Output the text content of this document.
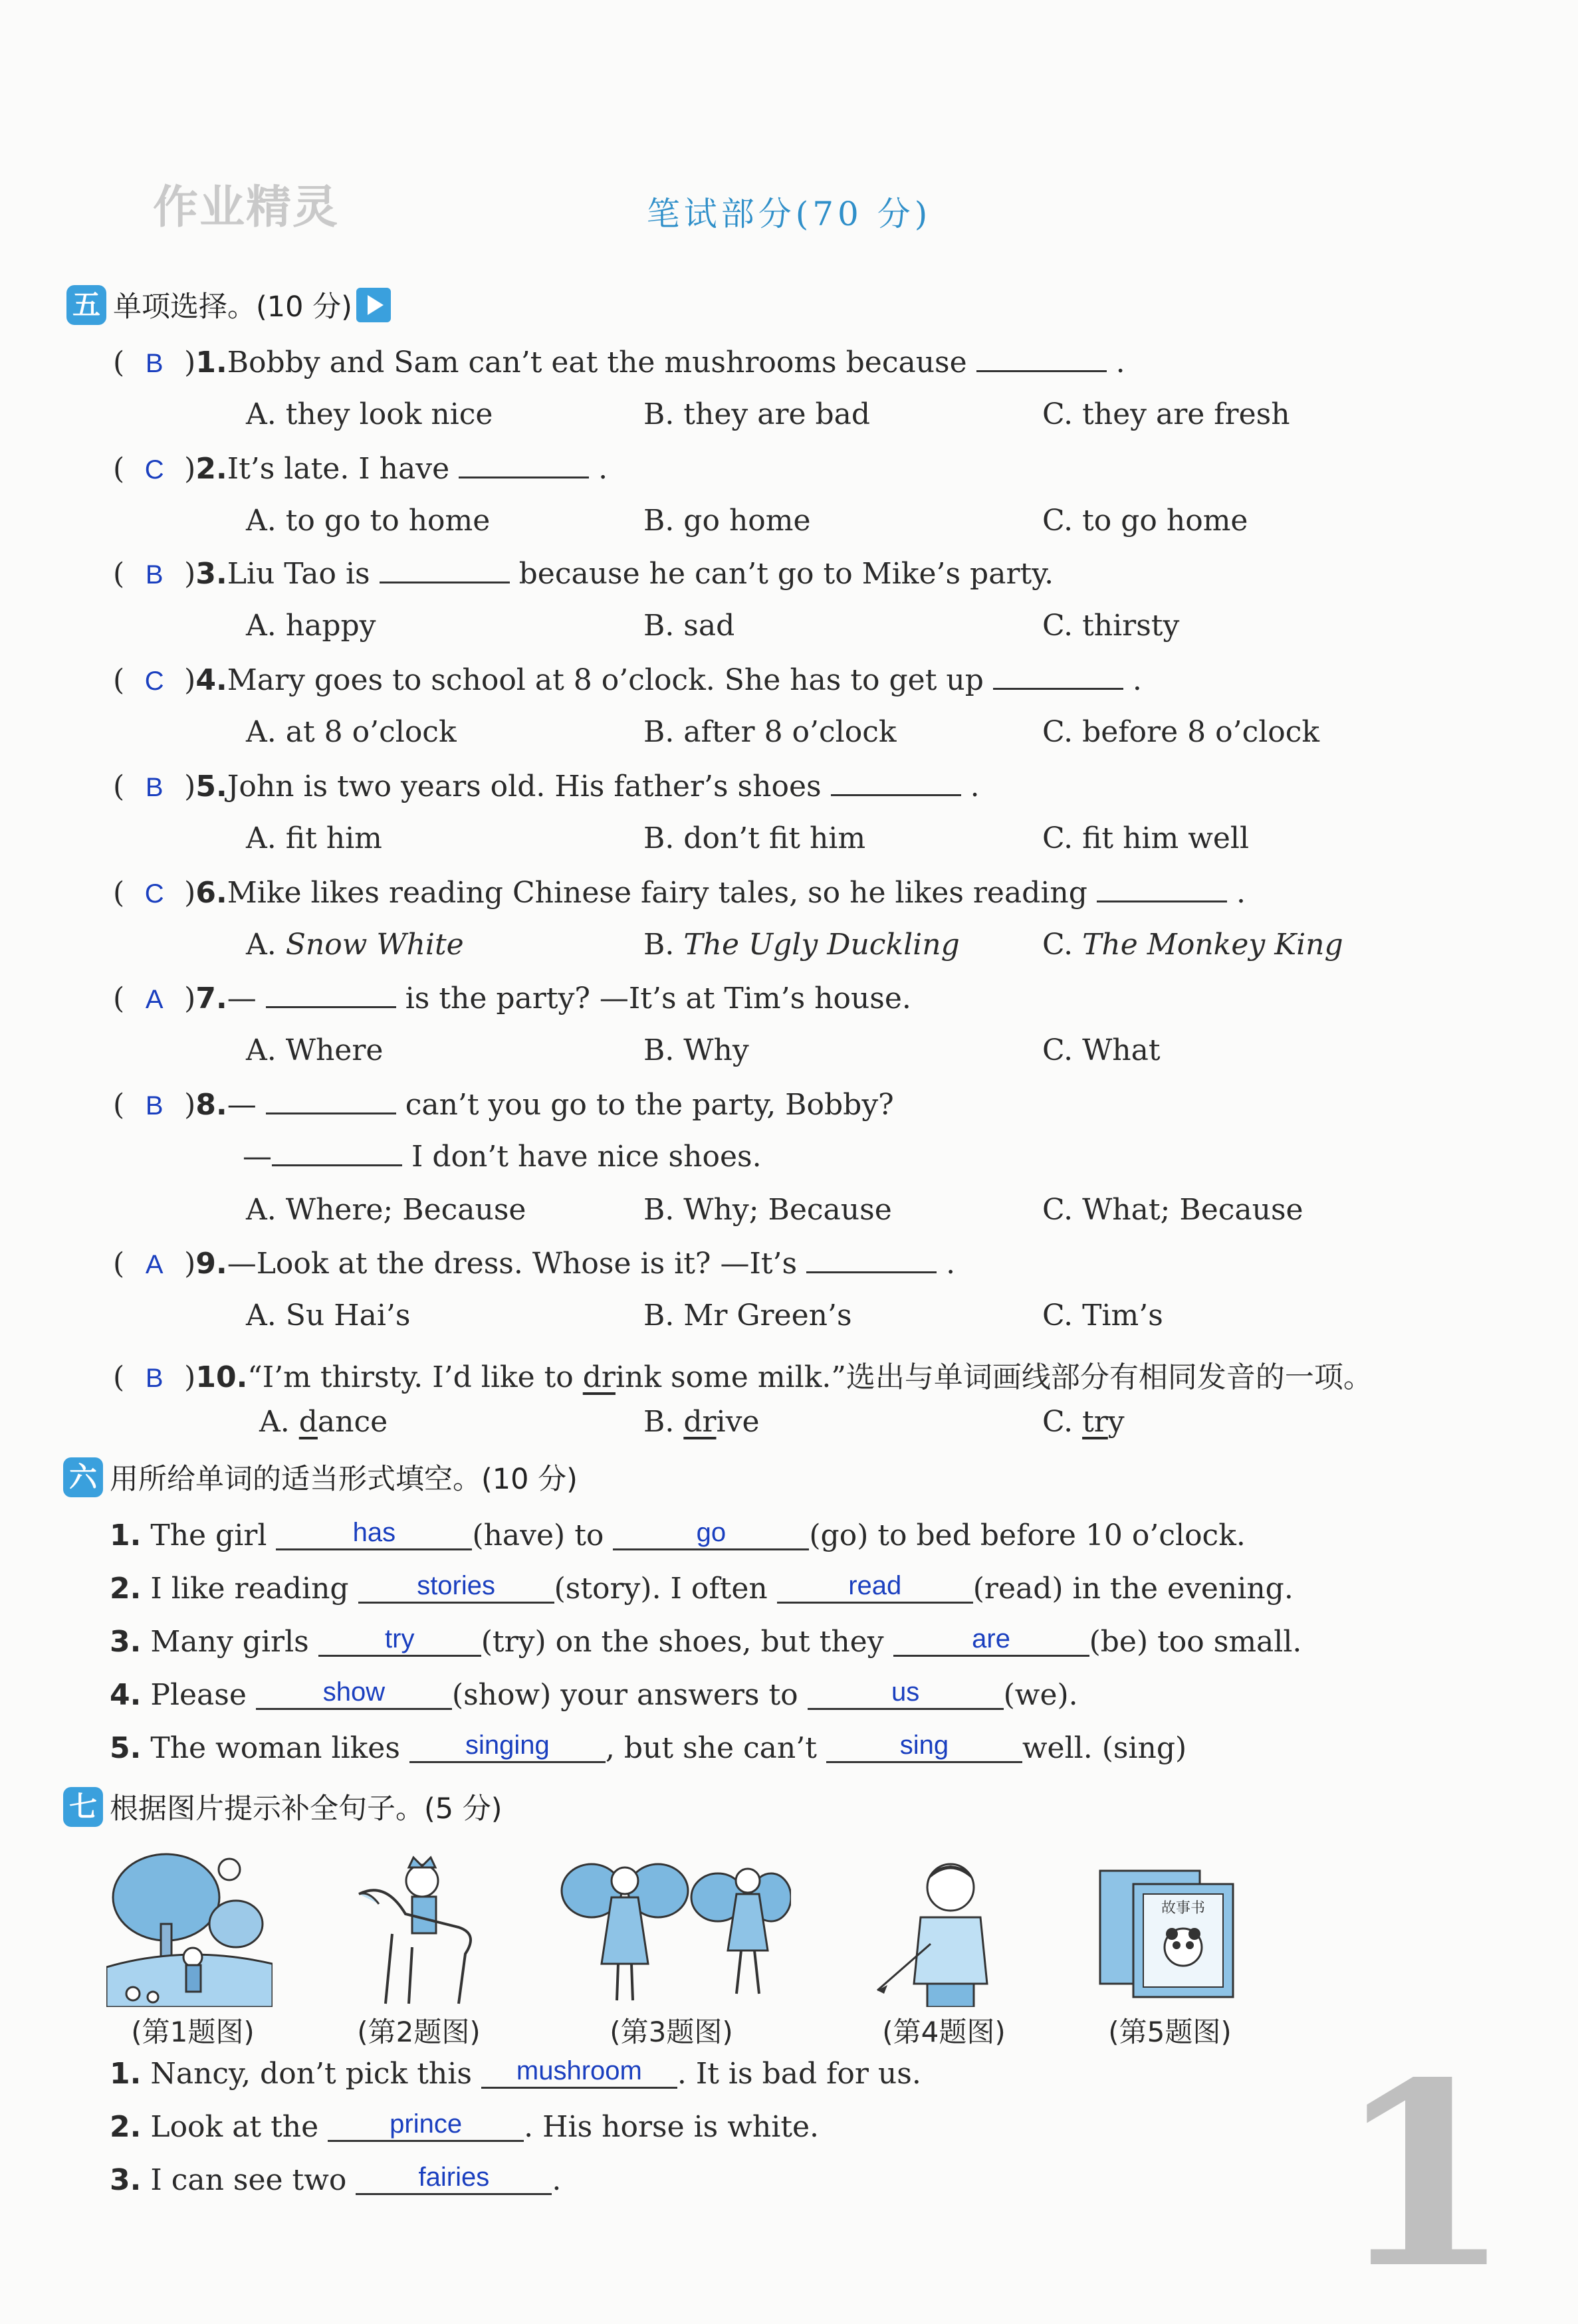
作业精灵	笔试部分(70 分)
五 单项选择。(10 分)
( B )1.Bobby and Sam can’t eat the mushrooms because	.
A. they look nice	B. they are bad	C. they are fresh
( C )2.It’s late. I have	.
A. to go to home	B. go home	C. to go home
( B )3.Liu Tao is	because he can’t go to Mike’s party.
A. happy	B. sad	C. thirsty
( C )4.Mary goes to school at 8 o’clock. She has to get up	.
A. at 8 o’clock	B. after 8 o’clock	C. before 8 o’clock
( B )5.John is two years old. His father’s shoes	.
A. fit him	B. don’t fit him	C. fit him well
( C )6.Mike likes reading Chinese fairy tales, so he likes reading	.
A. Snow White	B. The Ugly Duckling	C. The Monkey King
( A )7.—	is the party? —It’s at Tim’s house.
A. Where	B. Why	C. What
( B )8.—	can’t you go to the party, Bobby?
—	I don’t have nice shoes.
A. Where; Because	B. Why; Because	C. What; Because
( A )9.—Look at the dress. Whose is it? —It’s	.
A. Su Hai’s	B. Mr Green’s	C. Tim’s
( B )10.“I’m thirsty. I’d like to drink some milk.”选出与单词画线部分有相同发音的一项。
A. dance	B. drive	C. try
六 用所给单词的适当形式填空。(10 分)
1. The girl	has	(have) to	go	(go) to bed before 10 o’clock.
2. I like reading	stories (story). I often	read (read) in the evening.
3. Many girls	try (try) on the shoes, but they	are	(be) too small.
4. Please	show (show) your answers to	us	(we).
5. The woman likes singing , but she can’t	sing	well. (sing)
七 根据图片提示补全句子。(5 分)
故事书
(第1题图)	(第2题图)	(第3题图)	(第4题图)	(第5题图)
1. Nancy, don’t pick this mushroom . It is bad for us.
2. Look at the	prince . His horse is white.
3. I can see two	fairies .	1
